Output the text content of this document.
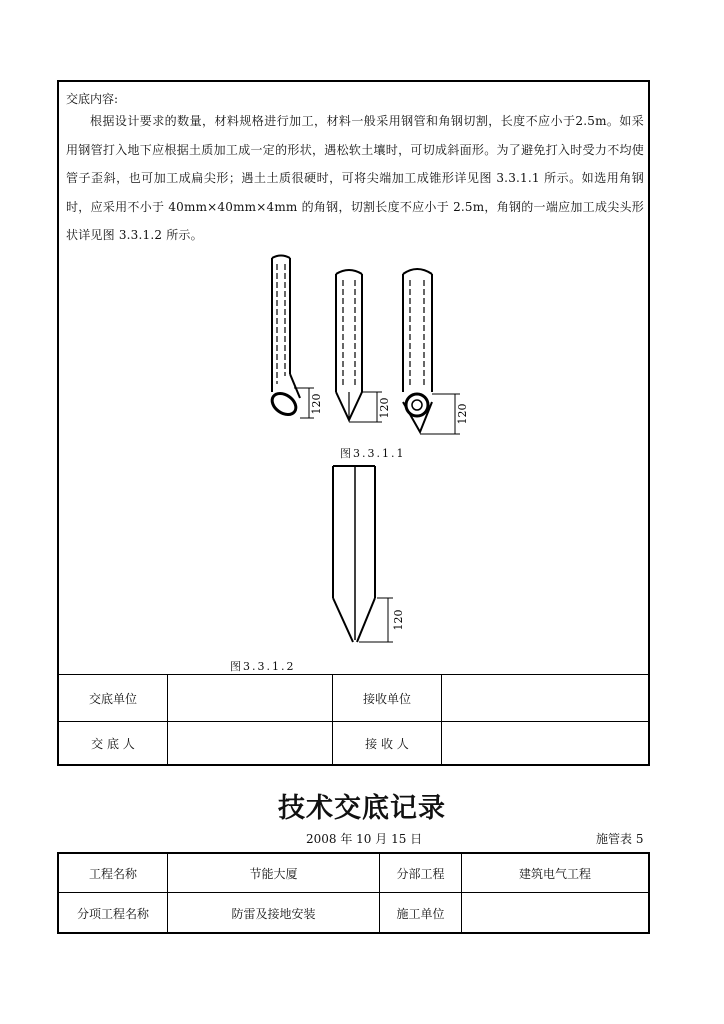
交底内容:
根据设计要求的数量，材料规格进行加工，材料一般采用钢管和角钢切割，长度不应小于2.5m。如采用钢管打入地下应根据土质加工成一定的形状，遇松软土壤时，可切成斜面形。为了避免打入时受力不均使管子歪斜，也可加工成扁尖形；遇土土质很硬时，可将尖端加工成锥形详见图 3.3.1.1 所示。如选用角钢时，应采用不小于 40mm×40mm×4mm 的角钢，切割长度不应小于 2.5m，角钢的一端应加工成尖头形状详见图 3.3.1.2 所示。
120	120	120
图3.3.1.1
120
图3.3.1.2
交底单位	接收单位
交 底 人	接 收 人
技术交底记录
2008 年 10 月 15 日	施管表 5
工程名称	节能大厦	分部工程	建筑电气工程
分项工程名称	防雷及接地安装	施工单位
